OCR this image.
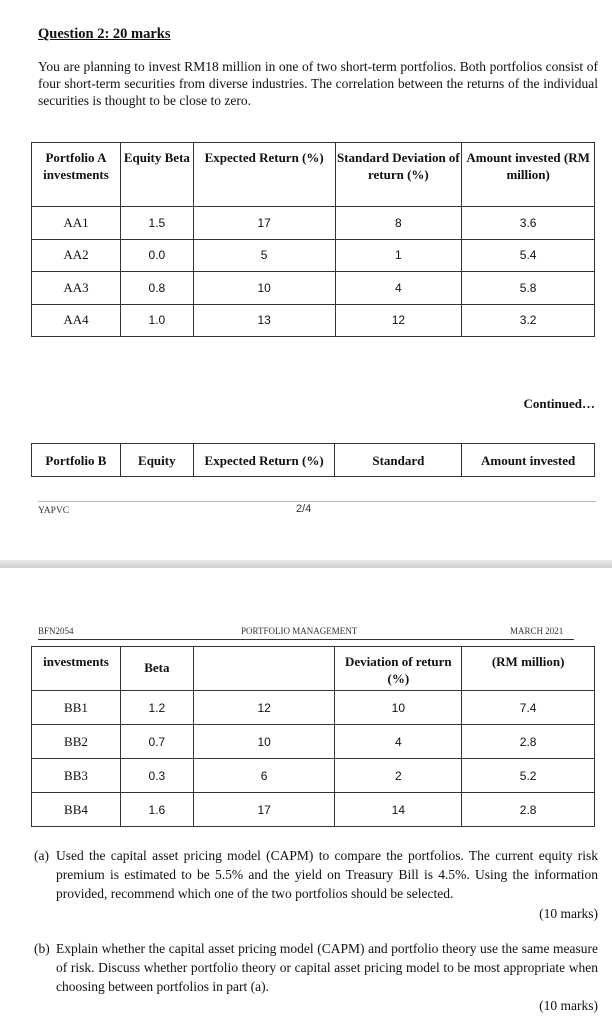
Question 2: 20 marks
You are planning to invest RM18 million in one of two short-term portfolios. Both portfolios consist of four short-term securities from diverse industries. The correlation between the returns of the individual securities is thought to be close to zero.
Portfolio A investments	Equity Beta	Expected Return (%)	Standard Deviation of return (%)	Amount invested (RM million)
AA1	1.5	17	8	3.6
AA2	0.0	5	1	5.4
AA3	0.8	10	4	5.8
AA4	1.0	13	12	3.2
Continued…
Portfolio B	Equity	Expected Return (%)	Standard	Amount invested
YAPVC	2/4
BFN2054	PORTFOLIO MANAGEMENT	MARCH 2021
investments	Beta		Deviation of return (%)	(RM million)
BB1	1.2	12	10	7.4
BB2	0.7	10	4	2.8
BB3	0.3	6	2	5.2
BB4	1.6	17	14	2.8
(a) Used the capital asset pricing model (CAPM) to compare the portfolios. The current equity risk premium is estimated to be 5.5% and the yield on Treasury Bill is 4.5%. Using the information provided, recommend which one of the two portfolios should be selected.
(10 marks)
(b) Explain whether the capital asset pricing model (CAPM) and portfolio theory use the same measure of risk. Discuss whether portfolio theory or capital asset pricing model to be most appropriate when choosing between portfolios in part (a).
(10 marks)
